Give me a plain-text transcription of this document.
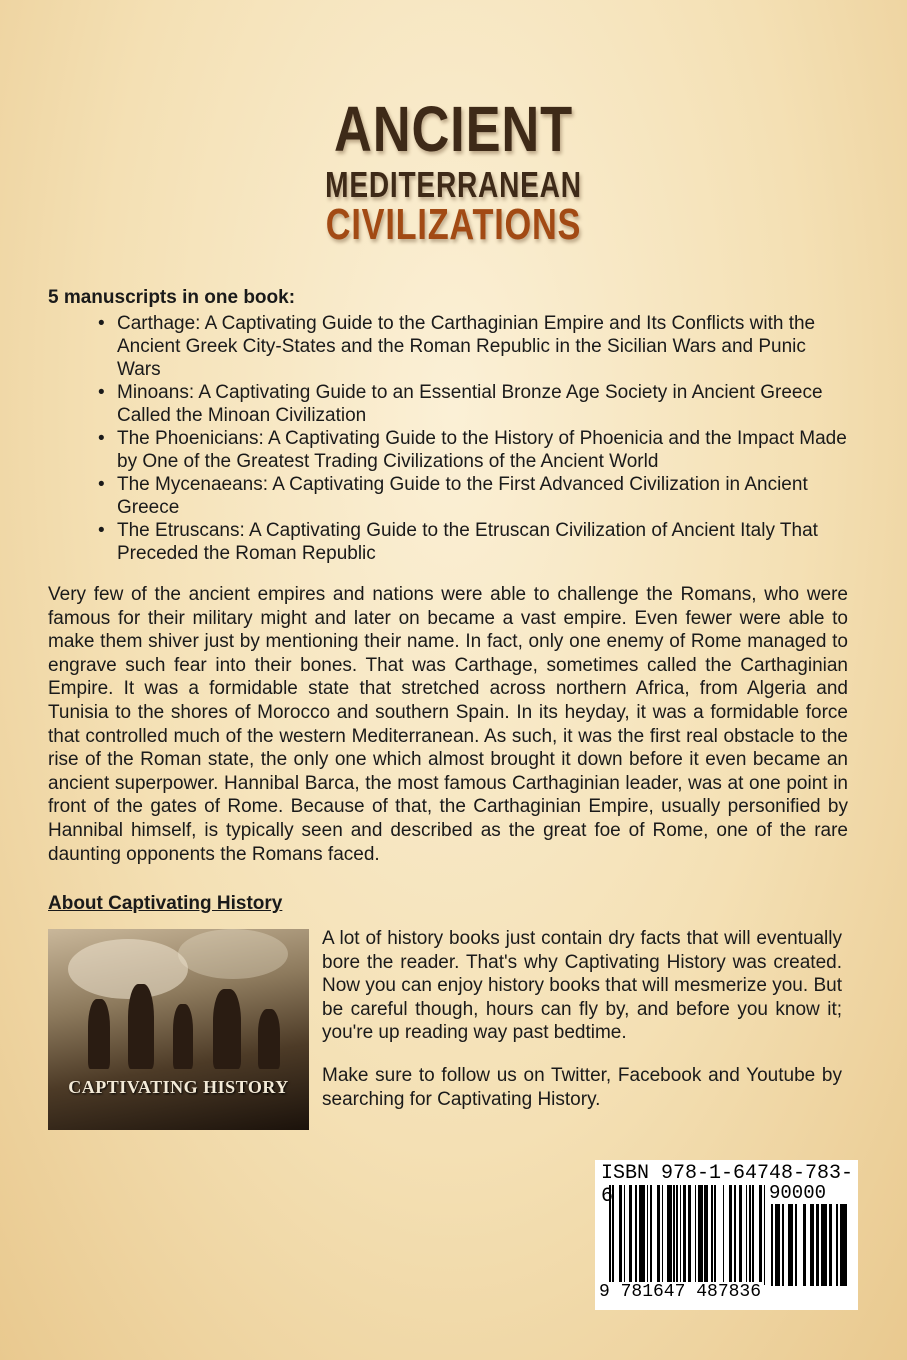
ANCIENT
MEDITERRANEAN
CIVILIZATIONS
5 manuscripts in one book:
• Carthage: A Captivating Guide to the Carthaginian Empire and Its Conflicts with the Ancient Greek City-States and the Roman Republic in the Sicilian Wars and Punic Wars
• Minoans: A Captivating Guide to an Essential Bronze Age Society in Ancient Greece Called the Minoan Civilization
• The Phoenicians: A Captivating Guide to the History of Phoenicia and the Impact Made by One of the Greatest Trading Civilizations of the Ancient World
• The Mycenaeans: A Captivating Guide to the First Advanced Civilization in Ancient Greece
• The Etruscans: A Captivating Guide to the Etruscan Civilization of Ancient Italy That Preceded the Roman Republic
Very few of the ancient empires and nations were able to challenge the Romans, who were famous for their military might and later on became a vast empire. Even fewer were able to make them shiver just by mentioning their name. In fact, only one enemy of Rome managed to engrave such fear into their bones. That was Carthage, sometimes called the Carthaginian Empire. It was a formidable state that stretched across northern Africa, from Algeria and Tunisia to the shores of Morocco and southern Spain. In its heyday, it was a formidable force that controlled much of the western Mediterranean. As such, it was the first real obstacle to the rise of the Roman state, the only one which almost brought it down before it even became an ancient superpower. Hannibal Barca, the most famous Carthaginian leader, was at one point in front of the gates of Rome. Because of that, the Carthaginian Empire, usually personified by Hannibal himself, is typically seen and described as the great foe of Rome, one of the rare daunting opponents the Romans faced.
About Captivating History
CAPTIVATING HISTORY

A lot of history books just contain dry facts that will eventually bore the reader. That's why Captivating History was created. Now you can enjoy history books that will mesmerize you. But be careful though, hours can fly by, and before you know it; you're up reading way past bedtime.

Make sure to follow us on Twitter, Facebook and Youtube by searching for Captivating History.

ISBN 978-1-64748-783-6	90000
9 781647 487836
